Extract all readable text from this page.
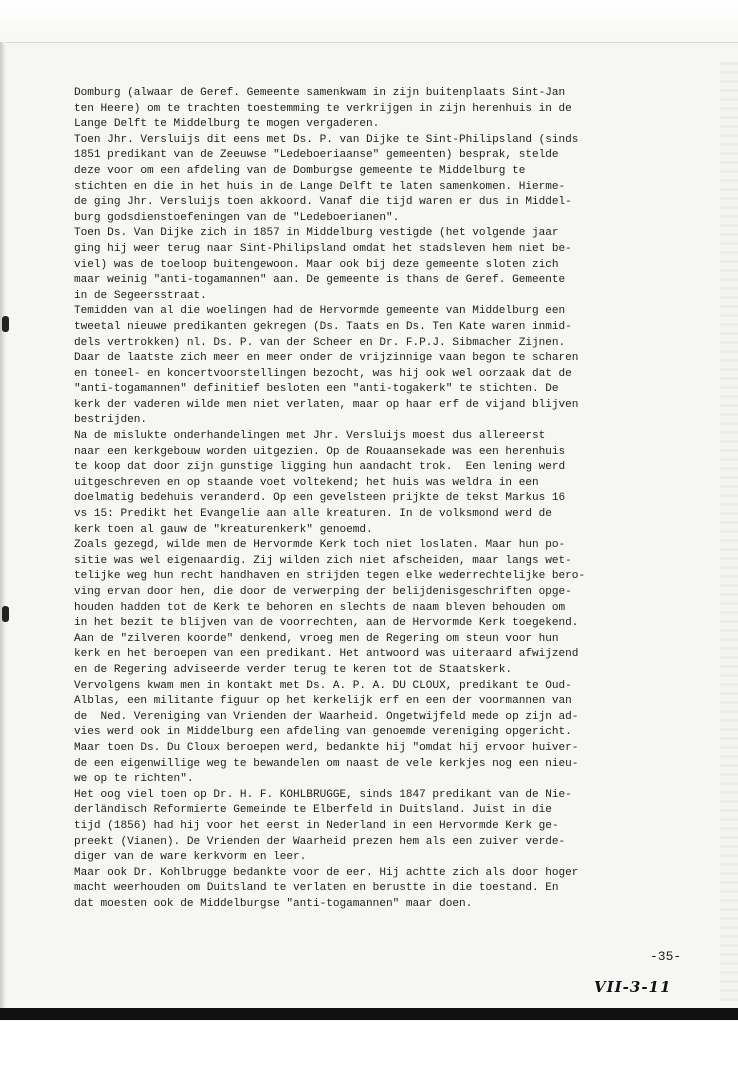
Domburg (alwaar de Geref. Gemeente samenkwam in zijn buitenplaats Sint-Jan
ten Heere) om te trachten toestemming te verkrijgen in zijn herenhuis in de
Lange Delft te Middelburg te mogen vergaderen.
Toen Jhr. Versluijs dit eens met Ds. P. van Dijke te Sint-Philipsland (sinds
1851 predikant van de Zeeuwse "Ledeboeriaanse" gemeenten) besprak, stelde
deze voor om een afdeling van de Domburgse gemeente te Middelburg te
stichten en die in het huis in de Lange Delft te laten samenkomen. Hierme-
de ging Jhr. Versluijs toen akkoord. Vanaf die tijd waren er dus in Middel-
burg godsdienstoefeningen van de "Ledeboerianen".
Toen Ds. Van Dijke zich in 1857 in Middelburg vestigde (het volgende jaar
ging hij weer terug naar Sint-Philipsland omdat het stadsleven hem niet be-
viel) was de toeloop buitengewoon. Maar ook bij deze gemeente sloten zich
maar weinig "anti-togamannen" aan. De gemeente is thans de Geref. Gemeente
in de Segeersstraat.
Temidden van al die woelingen had de Hervormde gemeente van Middelburg een
tweetal nieuwe predikanten gekregen (Ds. Taats en Ds. Ten Kate waren inmid-
dels vertrokken) nl. Ds. P. van der Scheer en Dr. F.P.J. Sibmacher Zijnen.
Daar de laatste zich meer en meer onder de vrijzinnige vaan begon te scharen
en toneel- en koncertvoorstellingen bezocht, was hij ook wel oorzaak dat de
"anti-togamannen" definitief besloten een "anti-togakerk" te stichten. De
kerk der vaderen wilde men niet verlaten, maar op haar erf de vijand blijven
bestrijden.
Na de mislukte onderhandelingen met Jhr. Versluijs moest dus allereerst
naar een kerkgebouw worden uitgezien. Op de Rouaansekade was een herenhuis
te koop dat door zijn gunstige ligging hun aandacht trok.  Een lening werd
uitgeschreven en op staande voet voltekend; het huis was weldra in een
doelmatig bedehuis veranderd. Op een gevelsteen prijkte de tekst Markus 16
vs 15: Predikt het Evangelie aan alle kreaturen. In de volksmond werd de
kerk toen al gauw de "kreaturenkerk" genoemd.
Zoals gezegd, wilde men de Hervormde Kerk toch niet loslaten. Maar hun po-
sitie was wel eigenaardig. Zij wilden zich niet afscheiden, maar langs wet-
telijke weg hun recht handhaven en strijden tegen elke wederrechtelijke bero-
ving ervan door hen, die door de verwerping der belijdenisgeschriften opge-
houden hadden tot de Kerk te behoren en slechts de naam bleven behouden om
in het bezit te blijven van de voorrechten, aan de Hervormde Kerk toegekend.
Aan de "zilveren koorde" denkend, vroeg men de Regering om steun voor hun
kerk en het beroepen van een predikant. Het antwoord was uiteraard afwijzend
en de Regering adviseerde verder terug te keren tot de Staatskerk.
Vervolgens kwam men in kontakt met Ds. A. P. A. DU CLOUX, predikant te Oud-
Alblas, een militante figuur op het kerkelijk erf en een der voormannen van
de  Ned. Vereniging van Vrienden der Waarheid. Ongetwijfeld mede op zijn ad-
vies werd ook in Middelburg een afdeling van genoemde vereniging opgericht.
Maar toen Ds. Du Cloux beroepen werd, bedankte hij "omdat hij ervoor huiver-
de een eigenwillige weg te bewandelen om naast de vele kerkjes nog een nieu-
we op te richten".
Het oog viel toen op Dr. H. F. KOHLBRUGGE, sinds 1847 predikant van de Nie-
derländisch Reformierte Gemeinde te Elberfeld in Duitsland. Juist in die
tijd (1856) had hij voor het eerst in Nederland in een Hervormde Kerk ge-
preekt (Vianen). De Vrienden der Waarheid prezen hem als een zuiver verde-
diger van de ware kerkvorm en leer.
Maar ook Dr. Kohlbrugge bedankte voor de eer. Hij achtte zich als door hoger
macht weerhouden om Duitsland te verlaten en berustte in die toestand. En
dat moesten ook de Middelburgse "anti-togamannen" maar doen.
-35-
VII-3-11
